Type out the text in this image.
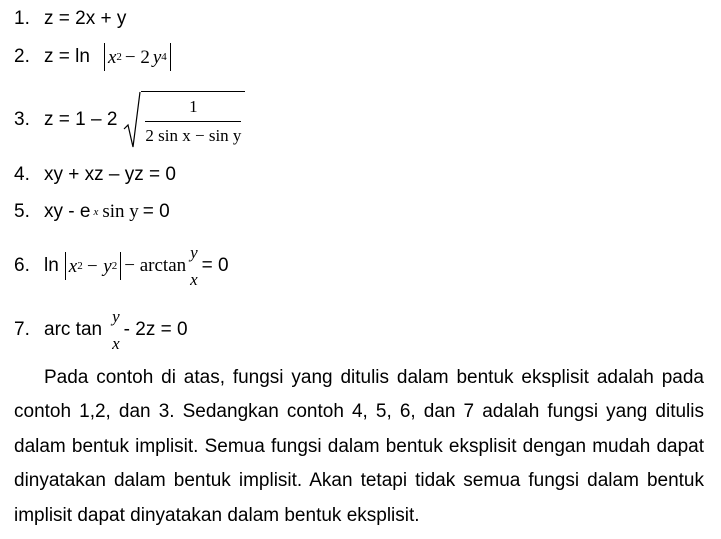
1. z = 2x + y
2. z = ln x 2 − 2 y 4
3. $z = 1 - 2 \frac{1}{\text{2 sin x − sin y}}$
4. xy + xz – yz = 0
5. xy - e x sin y = 0
6. ln x 2 − y 2 − arctan
y
x
= 0
7. arc tan
y
x
- 2z = 0
Pada contoh di atas, fungsi yang ditulis dalam bentuk eksplisit adalah pada contoh 1,2, dan 3. Sedangkan contoh 4, 5, 6, dan 7 adalah fungsi yang ditulis dalam bentuk implisit. Semua fungsi dalam bentuk eksplisit dengan mudah dapat dinyatakan dalam bentuk implisit. Akan tetapi tidak semua fungsi dalam bentuk implisit dapat dinyatakan dalam bentuk eksplisit.
